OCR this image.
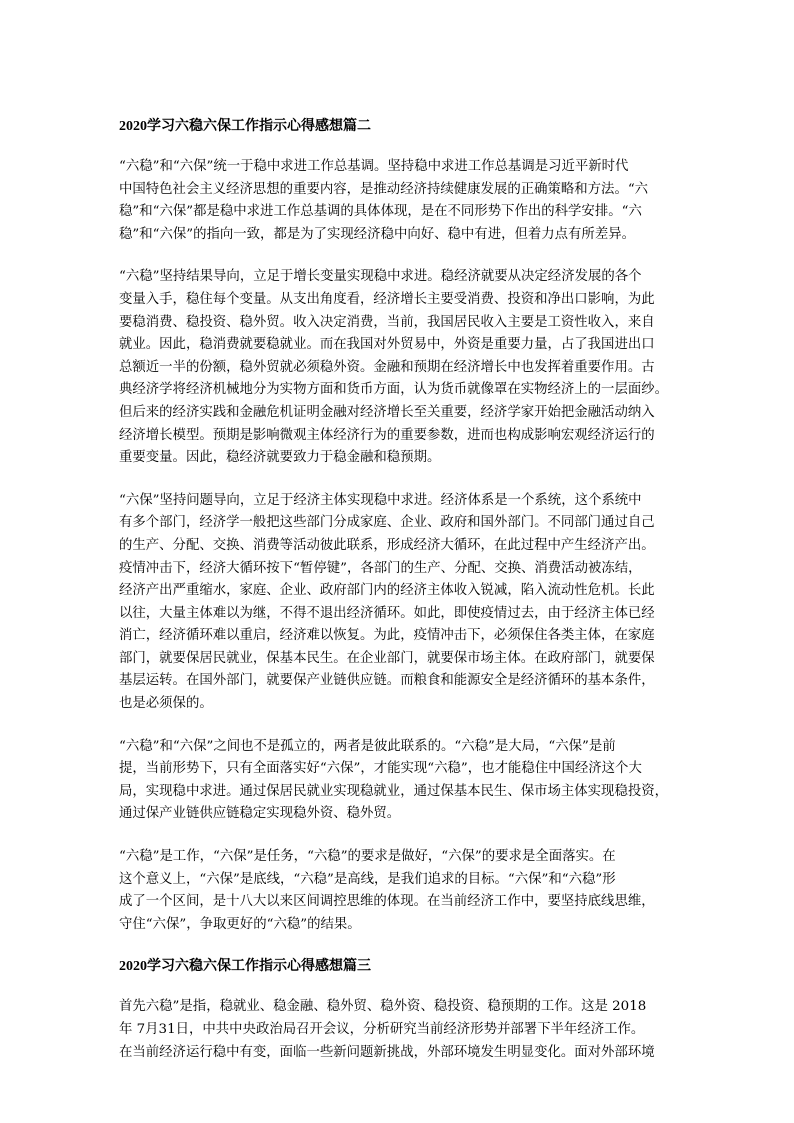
2020学习六稳六保工作指示心得感想篇二
“六稳”和“六保”统一于稳中求进工作总基调。坚持稳中求进工作总基调是习近平新时代
中国特色社会主义经济思想的重要内容，是推动经济持续健康发展的正确策略和方法。“六
稳”和“六保”都是稳中求进工作总基调的具体体现，是在不同形势下作出的科学安排。“六
稳”和“六保”的指向一致，都是为了实现经济稳中向好、稳中有进，但着力点有所差异。
“六稳”坚持结果导向，立足于增长变量实现稳中求进。稳经济就要从决定经济发展的各个
变量入手，稳住每个变量。从支出角度看，经济增长主要受消费、投资和净出口影响，为此
要稳消费、稳投资、稳外贸。收入决定消费，当前，我国居民收入主要是工资性收入，来自
就业。因此，稳消费就要稳就业。而在我国对外贸易中，外资是重要力量，占了我国进出口
总额近一半的份额，稳外贸就必须稳外资。金融和预期在经济增长中也发挥着重要作用。古
典经济学将经济机械地分为实物方面和货币方面，认为货币就像罩在实物经济上的一层面纱。
但后来的经济实践和金融危机证明金融对经济增长至关重要，经济学家开始把金融活动纳入
经济增长模型。预期是影响微观主体经济行为的重要参数，进而也构成影响宏观经济运行的
重要变量。因此，稳经济就要致力于稳金融和稳预期。
“六保”坚持问题导向，立足于经济主体实现稳中求进。经济体系是一个系统，这个系统中
有多个部门，经济学一般把这些部门分成家庭、企业、政府和国外部门。不同部门通过自己
的生产、分配、交换、消费等活动彼此联系，形成经济大循环，在此过程中产生经济产出。
疫情冲击下，经济大循环按下“暂停键”，各部门的生产、分配、交换、消费活动被冻结，
经济产出严重缩水，家庭、企业、政府部门内的经济主体收入锐减，陷入流动性危机。长此
以往，大量主体难以为继，不得不退出经济循环。如此，即使疫情过去，由于经济主体已经
消亡，经济循环难以重启，经济难以恢复。为此，疫情冲击下，必须保住各类主体，在家庭
部门，就要保居民就业，保基本民生。在企业部门，就要保市场主体。在政府部门，就要保
基层运转。在国外部门，就要保产业链供应链。而粮食和能源安全是经济循环的基本条件，
也是必须保的。
“六稳”和“六保”之间也不是孤立的，两者是彼此联系的。“六稳”是大局，“六保”是前
提，当前形势下，只有全面落实好“六保”，才能实现“六稳”，也才能稳住中国经济这个大
局，实现稳中求进。通过保居民就业实现稳就业，通过保基本民生、保市场主体实现稳投资，
通过保产业链供应链稳定实现稳外资、稳外贸。
“六稳”是工作，“六保”是任务，“六稳”的要求是做好，“六保”的要求是全面落实。在
这个意义上，“六保”是底线，“六稳”是高线，是我们追求的目标。“六保”和“六稳”形
成了一个区间，是十八大以来区间调控思维的体现。在当前经济工作中，要坚持底线思维，
守住“六保”，争取更好的“六稳”的结果。
2020学习六稳六保工作指示心得感想篇三
首先六稳”是指，稳就业、稳金融、稳外贸、稳外资、稳投资、稳预期的工作。这是 2018
年 7月31日，中共中央政治局召开会议，分析研究当前经济形势并部署下半年经济工作。
在当前经济运行稳中有变，面临一些新问题新挑战，外部环境发生明显变化。面对外部环境
